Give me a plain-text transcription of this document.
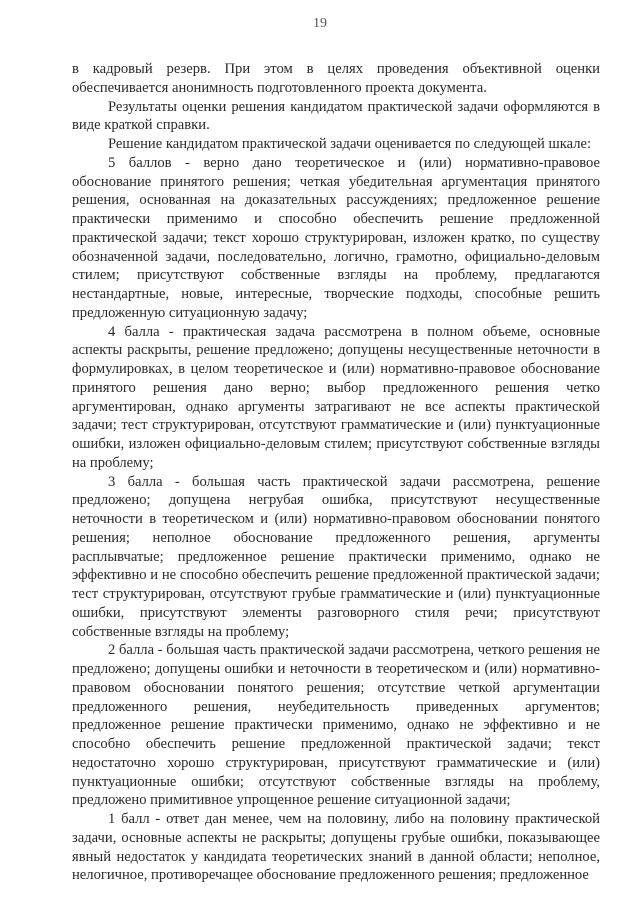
19

в кадровый резерв. При этом в целях проведения объективной оценки обеспечивается анонимность подготовленного проекта документа.

Результаты оценки решения кандидатом практической задачи оформляются в виде краткой справки.

Решение кандидатом практической задачи оценивается по следующей шкале:

5 баллов - верно дано теоретическое и (или) нормативно-правовое обоснование принятого решения; четкая убедительная аргументация принятого решения, основанная на доказательных рассуждениях; предложенное решение практически применимо и способно обеспечить решение предложенной практической задачи; текст хорошо структурирован, изложен кратко, по существу обозначенной задачи, последовательно, логично, грамотно, официально-деловым стилем; присутствуют собственные взгляды на проблему, предлагаются нестандартные, новые, интересные, творческие подходы, способные решить предложенную ситуационную задачу;

4 балла - практическая задача рассмотрена в полном объеме, основные аспекты раскрыты, решение предложено; допущены несущественные неточности в формулировках, в целом теоретическое и (или) нормативно-правовое обоснование принятого решения дано верно; выбор предложенного решения четко аргументирован, однако аргументы затрагивают не все аспекты практической задачи; тест структурирован, отсутствуют грамматические и (или) пунктуационные ошибки, изложен официально-деловым стилем; присутствуют собственные взгляды на проблему;

3 балла - большая часть практической задачи рассмотрена, решение предложено; допущена негрубая ошибка, присутствуют несущественные неточности в теоретическом и (или) нормативно-правовом обосновании понятого решения; неполное обоснование предложенного решения, аргументы расплывчатые; предложенное решение практически применимо, однако не эффективно и не способно обеспечить решение предложенной практической задачи; тест структурирован, отсутствуют грубые грамматические и (или) пунктуационные ошибки, присутствуют элементы разговорного стиля речи; присутствуют собственные взгляды на проблему;

2 балла - большая часть практической задачи рассмотрена, четкого решения не предложено; допущены ошибки и неточности в теоретическом и (или) нормативно-правовом обосновании понятого решения; отсутствие четкой аргументации предложенного решения, неубедительность приведенных аргументов; предложенное решение практически применимо, однако не эффективно и не способно обеспечить решение предложенной практической задачи; текст недостаточно хорошо структурирован, присутствуют грамматические и (или) пунктуационные ошибки; отсутствуют собственные взгляды на проблему, предложено примитивное упрощенное решение ситуационной задачи;

1 балл - ответ дан менее, чем на половину, либо на половину практической задачи, основные аспекты не раскрыты; допущены грубые ошибки, показывающее явный недостаток у кандидата теоретических знаний в данной области; неполное, нелогичное, противоречащее обоснование предложенного решения; предложенное
